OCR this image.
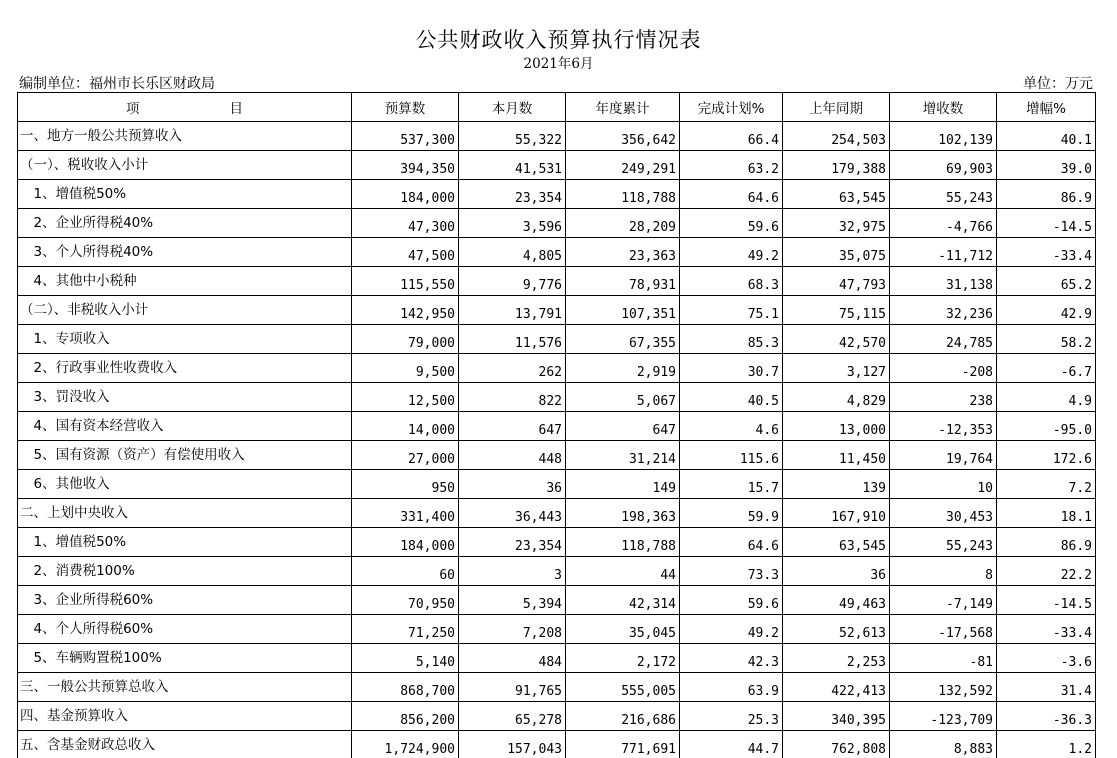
公共财政收入预算执行情况表
2021年6月
编制单位：福州市长乐区财政局	单位：万元
项 目	预算数	本月数	年度累计	完成计划%	上年同期	增收数	增幅%
一、地方一般公共预算收入	537,300	55,322	356,642	66.4	254,503	102,139	40.1
（一）、税收收入小计	394,350	41,531	249,291	63.2	179,388	69,903	39.0
　1、增值税50%	184,000	23,354	118,788	64.6	63,545	55,243	86.9
　2、企业所得税40%	47,300	3,596	28,209	59.6	32,975	-4,766	-14.5
　3、个人所得税40%	47,500	4,805	23,363	49.2	35,075	-11,712	-33.4
　4、其他中小税种	115,550	9,776	78,931	68.3	47,793	31,138	65.2
（二）、非税收入小计	142,950	13,791	107,351	75.1	75,115	32,236	42.9
　1、专项收入	79,000	11,576	67,355	85.3	42,570	24,785	58.2
　2、行政事业性收费收入	9,500	262	2,919	30.7	3,127	-208	-6.7
　3、罚没收入	12,500	822	5,067	40.5	4,829	238	4.9
　4、国有资本经营收入	14,000	647	647	4.6	13,000	-12,353	-95.0
　5、国有资源（资产）有偿使用收入	27,000	448	31,214	115.6	11,450	19,764	172.6
　6、其他收入	950	36	149	15.7	139	10	7.2
二、上划中央收入	331,400	36,443	198,363	59.9	167,910	30,453	18.1
　1、增值税50%	184,000	23,354	118,788	64.6	63,545	55,243	86.9
　2、消费税100%	60	3	44	73.3	36	8	22.2
　3、企业所得税60%	70,950	5,394	42,314	59.6	49,463	-7,149	-14.5
　4、个人所得税60%	71,250	7,208	35,045	49.2	52,613	-17,568	-33.4
　5、车辆购置税100%	5,140	484	2,172	42.3	2,253	-81	-3.6
三、一般公共预算总收入	868,700	91,765	555,005	63.9	422,413	132,592	31.4
四、基金预算收入	856,200	65,278	216,686	25.3	340,395	-123,709	-36.3
五、含基金财政总收入	1,724,900	157,043	771,691	44.7	762,808	8,883	1.2
